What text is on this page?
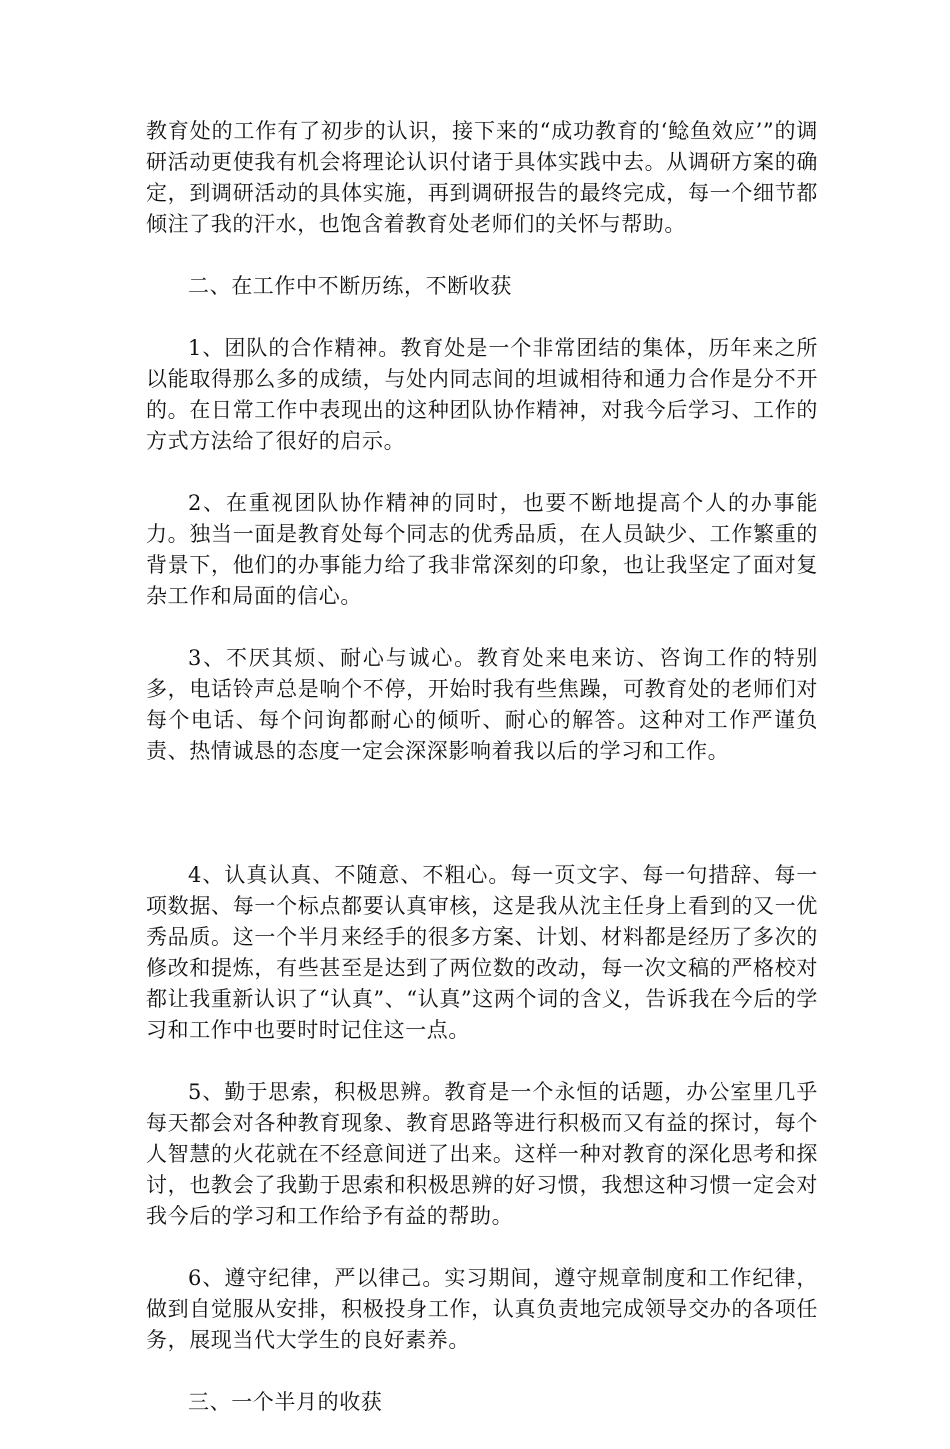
教育处的工作有了初步的认识，接下来的“成功教育的‘鲶鱼效应’”的调研活动更使我有机会将理论认识付诸于具体实践中去。从调研方案的确定，到调研活动的具体实施，再到调研报告的最终完成，每一个细节都倾注了我的汗水，也饱含着教育处老师们的关怀与帮助。

二、在工作中不断历练，不断收获

1、团队的合作精神。教育处是一个非常团结的集体，历年来之所以能取得那么多的成绩，与处内同志间的坦诚相待和通力合作是分不开的。在日常工作中表现出的这种团队协作精神，对我今后学习、工作的方式方法给了很好的启示。

2、在重视团队协作精神的同时，也要不断地提高个人的办事能力。独当一面是教育处每个同志的优秀品质，在人员缺少、工作繁重的背景下，他们的办事能力给了我非常深刻的印象，也让我坚定了面对复杂工作和局面的信心。

3、不厌其烦、耐心与诚心。教育处来电来访、咨询工作的特别多，电话铃声总是响个不停，开始时我有些焦躁，可教育处的老师们对每个电话、每个问询都耐心的倾听、耐心的解答。这种对工作严谨负责、热情诚恳的态度一定会深深影响着我以后的学习和工作。

4、认真认真、不随意、不粗心。每一页文字、每一句措辞、每一项数据、每一个标点都要认真审核，这是我从沈主任身上看到的又一优秀品质。这一个半月来经手的很多方案、计划、材料都是经历了多次的修改和提炼，有些甚至是达到了两位数的改动，每一次文稿的严格校对都让我重新认识了“认真”、“认真”这两个词的含义，告诉我在今后的学习和工作中也要时时记住这一点。

5、勤于思索，积极思辨。教育是一个永恒的话题，办公室里几乎每天都会对各种教育现象、教育思路等进行积极而又有益的探讨，每个人智慧的火花就在不经意间迸了出来。这样一种对教育的深化思考和探讨，也教会了我勤于思索和积极思辨的好习惯，我想这种习惯一定会对我今后的学习和工作给予有益的帮助。

6、遵守纪律，严以律己。实习期间，遵守规章制度和工作纪律，做到自觉服从安排，积极投身工作，认真负责地完成领导交办的各项任务，展现当代大学生的良好素养。

三、一个半月的收获
